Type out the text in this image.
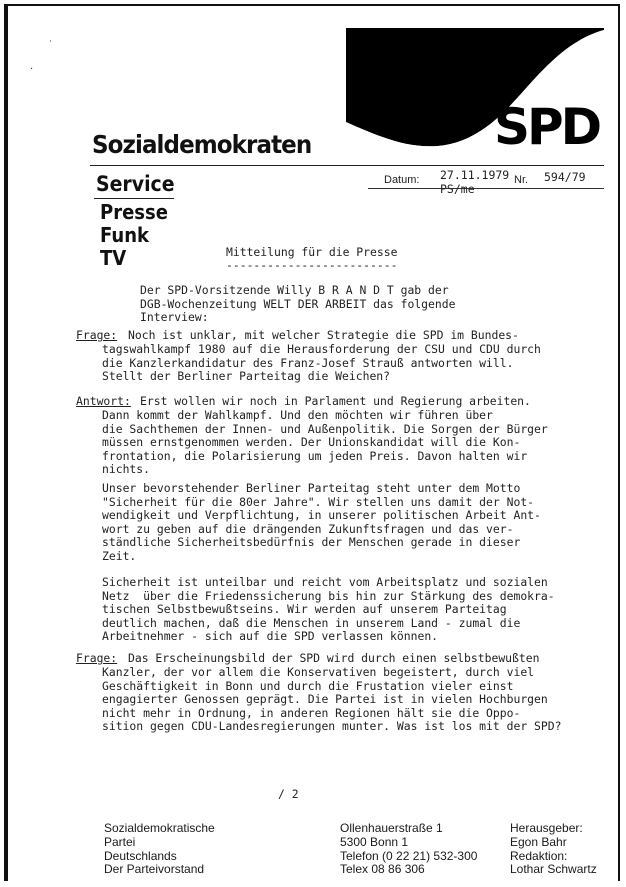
SPD
Sozialdemokraten
Service	Datum: 27.11.1979 Nr. 594/79
PS/me
Presse
Funk
TV	Mitteilung für die Presse
-------------------------
Der SPD-Vorsitzende Willy B R A N D T gab der
DGB-Wochenzeitung WELT DER ARBEIT das folgende
Interview:
Frage: Noch ist unklar, mit welcher Strategie die SPD im Bundes-
tagswahlkampf 1980 auf die Herausforderung der CSU und CDU durch
die Kanzlerkandidatur des Franz-Josef Strauß antworten will.
Stellt der Berliner Parteitag die Weichen?
Antwort: Erst wollen wir noch in Parlament und Regierung arbeiten.
Dann kommt der Wahlkampf. Und den möchten wir führen über
die Sachthemen der Innen- und Außenpolitik. Die Sorgen der Bürger
müssen ernstgenommen werden. Der Unionskandidat will die Kon-
frontation, die Polarisierung um jeden Preis. Davon halten wir
nichts.
Unser bevorstehender Berliner Parteitag steht unter dem Motto
"Sicherheit für die 80er Jahre". Wir stellen uns damit der Not-
wendigkeit und Verpflichtung, in unserer politischen Arbeit Ant-
wort zu geben auf die drängenden Zukunftsfragen und das ver-
ständliche Sicherheitsbedürfnis der Menschen gerade in dieser
Zeit.
Sicherheit ist unteilbar und reicht vom Arbeitsplatz und sozialen
Netz  über die Friedenssicherung bis hin zur Stärkung des demokra-
tischen Selbstbewußtseins. Wir werden auf unserem Parteitag
deutlich machen, daß die Menschen in unserem Land - zumal die
Arbeitnehmer - sich auf die SPD verlassen können.
Frage: Das Erscheinungsbild der SPD wird durch einen selbstbewußten
Kanzler, der vor allem die Konservativen begeistert, durch viel
Geschäftigkeit in Bonn und durch die Frustation vieler einst
engagierter Genossen geprägt. Die Partei ist in vielen Hochburgen
nicht mehr in Ordnung, in anderen Regionen hält sie die Oppo-
sition gegen CDU-Landesregierungen munter. Was ist los mit der SPD?
/ 2
Sozialdemokratische
Partei
Deutschlands
Der Parteivorstand
Ollenhauerstraße 1
5300 Bonn 1
Telefon (0 22 21) 532-300
Telex 08 86 306
Herausgeber:
Egon Bahr
Redaktion:
Lothar Schwartz
˙
·
